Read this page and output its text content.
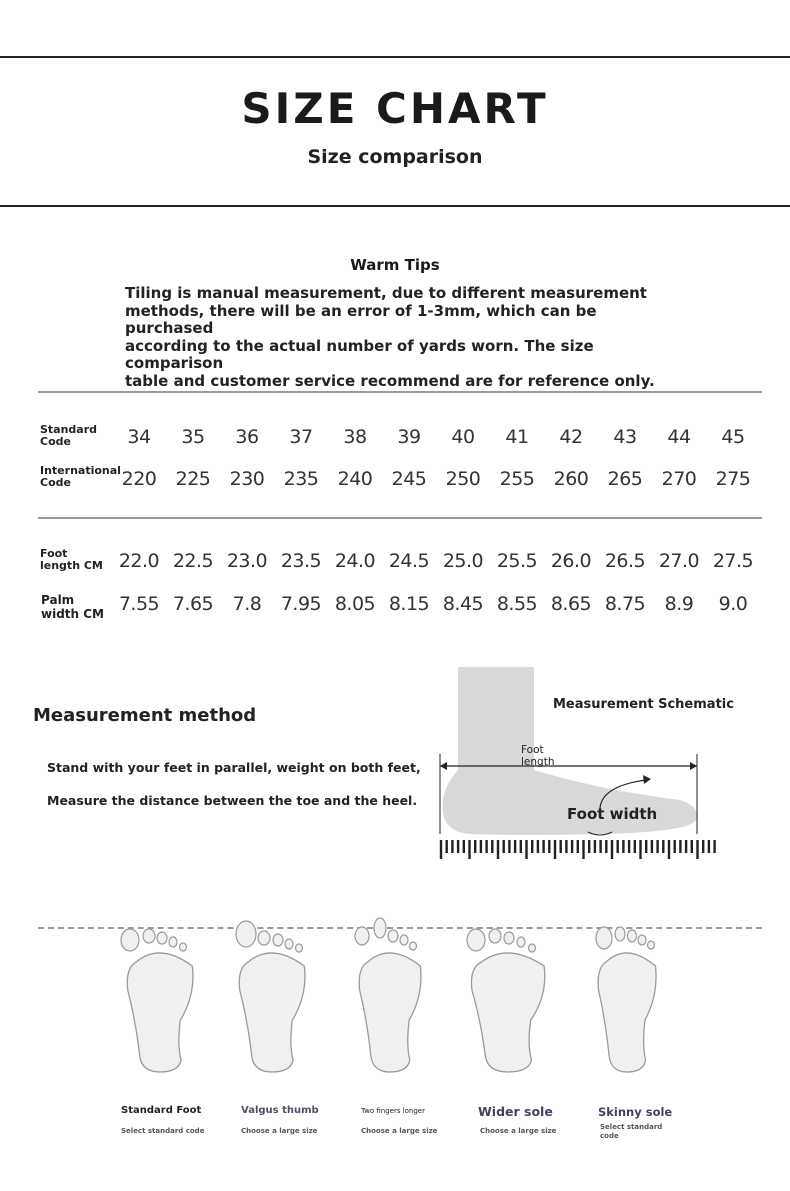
SIZE CHART
Size comparison
Warm Tips
Tiling is manual measurement, due to different measurement
methods, there will be an error of 1-3mm, which can be purchased
according to the actual number of yards worn. The size comparison
table and customer service recommend are for reference only.
Standard
Code	34	35	36	37	38	39	40	41	42	43	44	45
International
Code	220	225	230	235	240	245	250	255	260	265	270	275
Foot
length CM 22.0 22.5 23.0 23.5 24.0 24.5 25.0 25.5 26.0 26.5 27.0 27.5
Palm
width CM 7.55 7.65	7.8	7.95 8.05 8.15 8.45 8.55 8.65 8.75	8.9	9.0
Measurement method
Stand with your feet in parallel, weight on both feet,
Measure the distance between the toe and the heel.
Measurement Schematic
Foot
length
Foot width
Standard Foot
Select standard code
Valgus thumb
Choose a large size
Two fingers longer
Choose a large size
Wider sole
Choose a large size
Skinny sole
Select standard
code
